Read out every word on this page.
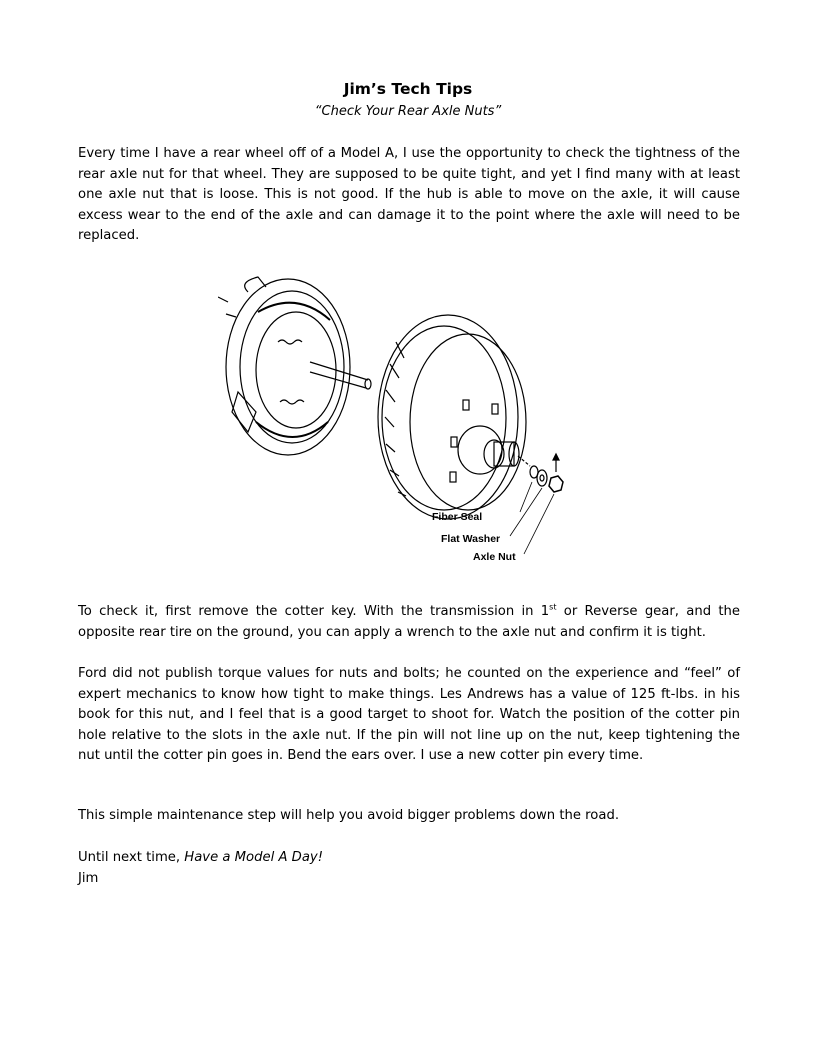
Jim’s Tech Tips
“Check Your Rear Axle Nuts”
Every time I have a rear wheel off of a Model A, I use the opportunity to check the tightness of the rear axle nut for that wheel. They are supposed to be quite tight, and yet I find many with at least one axle nut that is loose. This is not good. If the hub is able to move on the axle, it will cause excess wear to the end of the axle and can damage it to the point where the axle will need to be replaced.
Fiber Seal
Flat Washer
Axle Nut
To check it, first remove the cotter key. With the transmission in 1st or Reverse gear, and the opposite rear tire on the ground, you can apply a wrench to the axle nut and confirm it is tight.
Ford did not publish torque values for nuts and bolts; he counted on the experience and “feel” of expert mechanics to know how tight to make things. Les Andrews has a value of 125 ft-lbs. in his book for this nut, and I feel that is a good target to shoot for. Watch the position of the cotter pin hole relative to the slots in the axle nut. If the pin will not line up on the nut, keep tightening the nut until the cotter pin goes in. Bend the ears over. I use a new cotter pin every time.
This simple maintenance step will help you avoid bigger problems down the road.
Until next time, Have a Model A Day!
Jim
